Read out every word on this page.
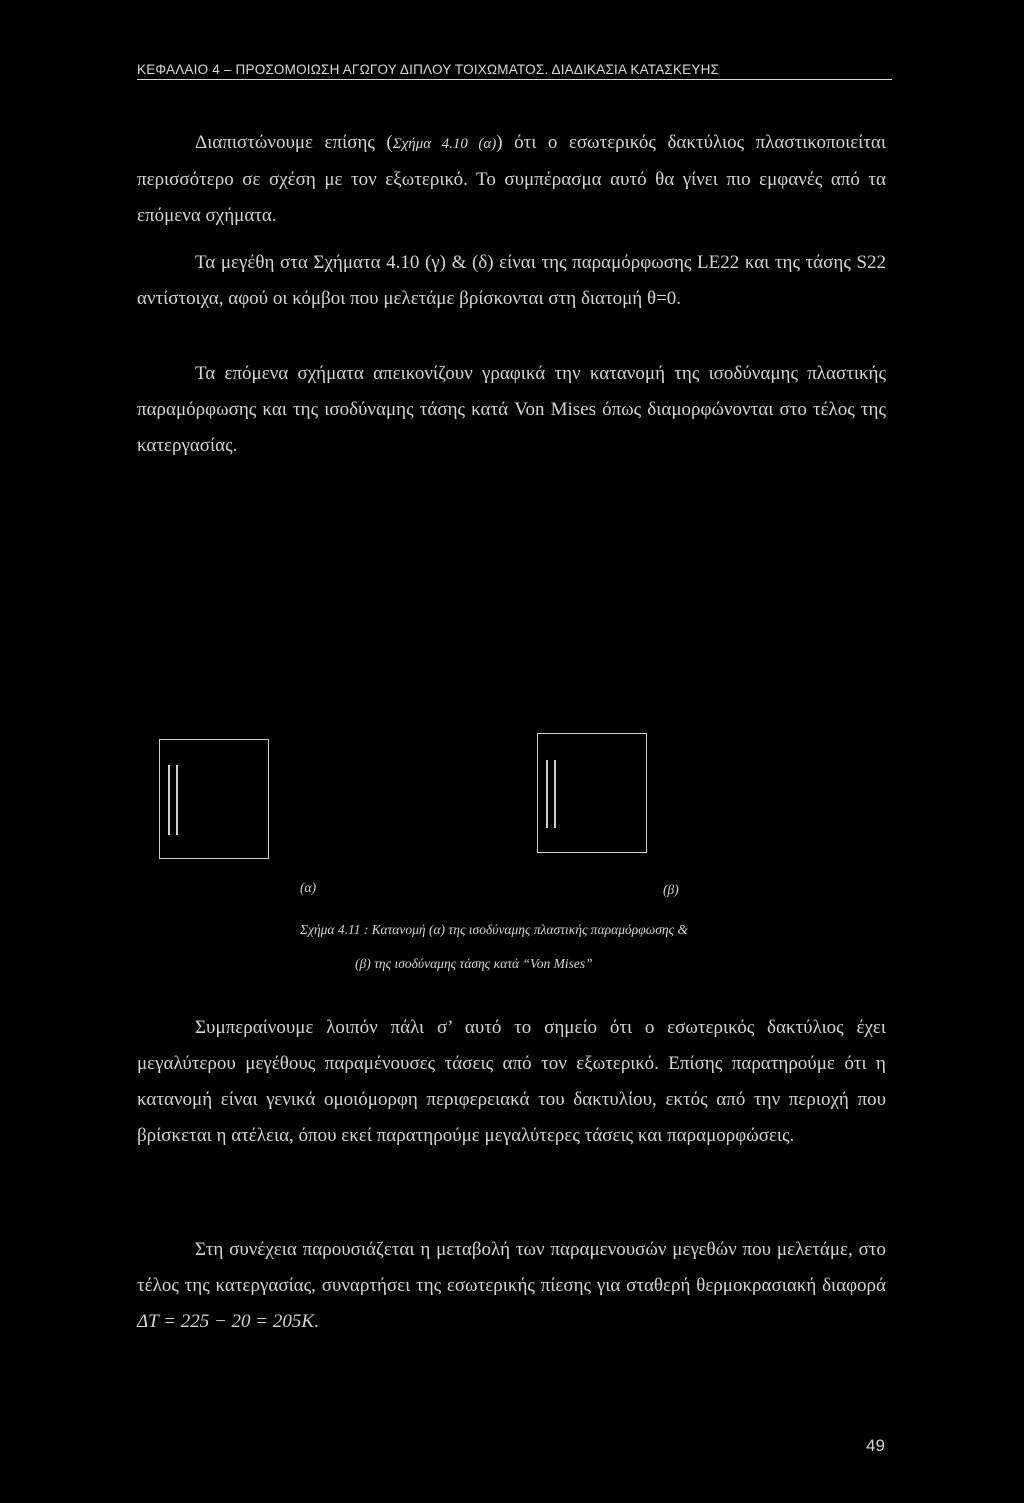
ΚΕΦΑΛΑΙΟ 4 – ΠΡΟΣΟΜΟΙΩΣΗ ΑΓΩΓΟΥ ΔΙΠΛΟΥ ΤΟΙΧΩΜΑΤΟΣ. ΔΙΑΔΙΚΑΣΙΑ ΚΑΤΑΣΚΕΥΗΣ

Διαπιστώνουμε επίσης (Σχήμα 4.10 (α)) ότι ο εσωτερικός δακτύλιος πλαστικοποιείται περισσότερο σε σχέση με τον εξωτερικό. Το συμπέρασμα αυτό θα γίνει πιο εμφανές από τα επόμενα σχήματα.

Τα μεγέθη στα Σχήματα 4.10 (γ) & (δ) είναι της παραμόρφωσης LE22 και της τάσης S22 αντίστοιχα, αφού οι κόμβοι που μελετάμε βρίσκονται στη διατομή θ=0.

Τα επόμενα σχήματα απεικονίζουν γραφικά την κατανομή της ισοδύναμης πλαστικής παραμόρφωσης και της ισοδύναμης τάσης κατά Von Mises όπως διαμορφώνονται στο τέλος της κατεργασίας.

(α)	(β)
Σχήμα 4.11 : Κατανομή (α) της ισοδύναμης πλαστικής παραμόρφωσης &
(β) της ισοδύναμης τάσης κατά “Von Mises”

Συμπεραίνουμε λοιπόν πάλι σ’ αυτό το σημείο ότι ο εσωτερικός δακτύλιος έχει μεγαλύτερου μεγέθους παραμένουσες τάσεις από τον εξωτερικό. Επίσης παρατηρούμε ότι η κατανομή είναι γενικά ομοιόμορφη περιφερειακά του δακτυλίου, εκτός από την περιοχή που βρίσκεται η ατέλεια, όπου εκεί παρατηρούμε μεγαλύτερες τάσεις και παραμορφώσεις.

Στη συνέχεια παρουσιάζεται η μεταβολή των παραμενουσών μεγεθών που μελετάμε, στο τέλος της κατεργασίας, συναρτήσει της εσωτερικής πίεσης για σταθερή θερμοκρασιακή διαφορά ΔT = 225 − 20 = 205K.

49
